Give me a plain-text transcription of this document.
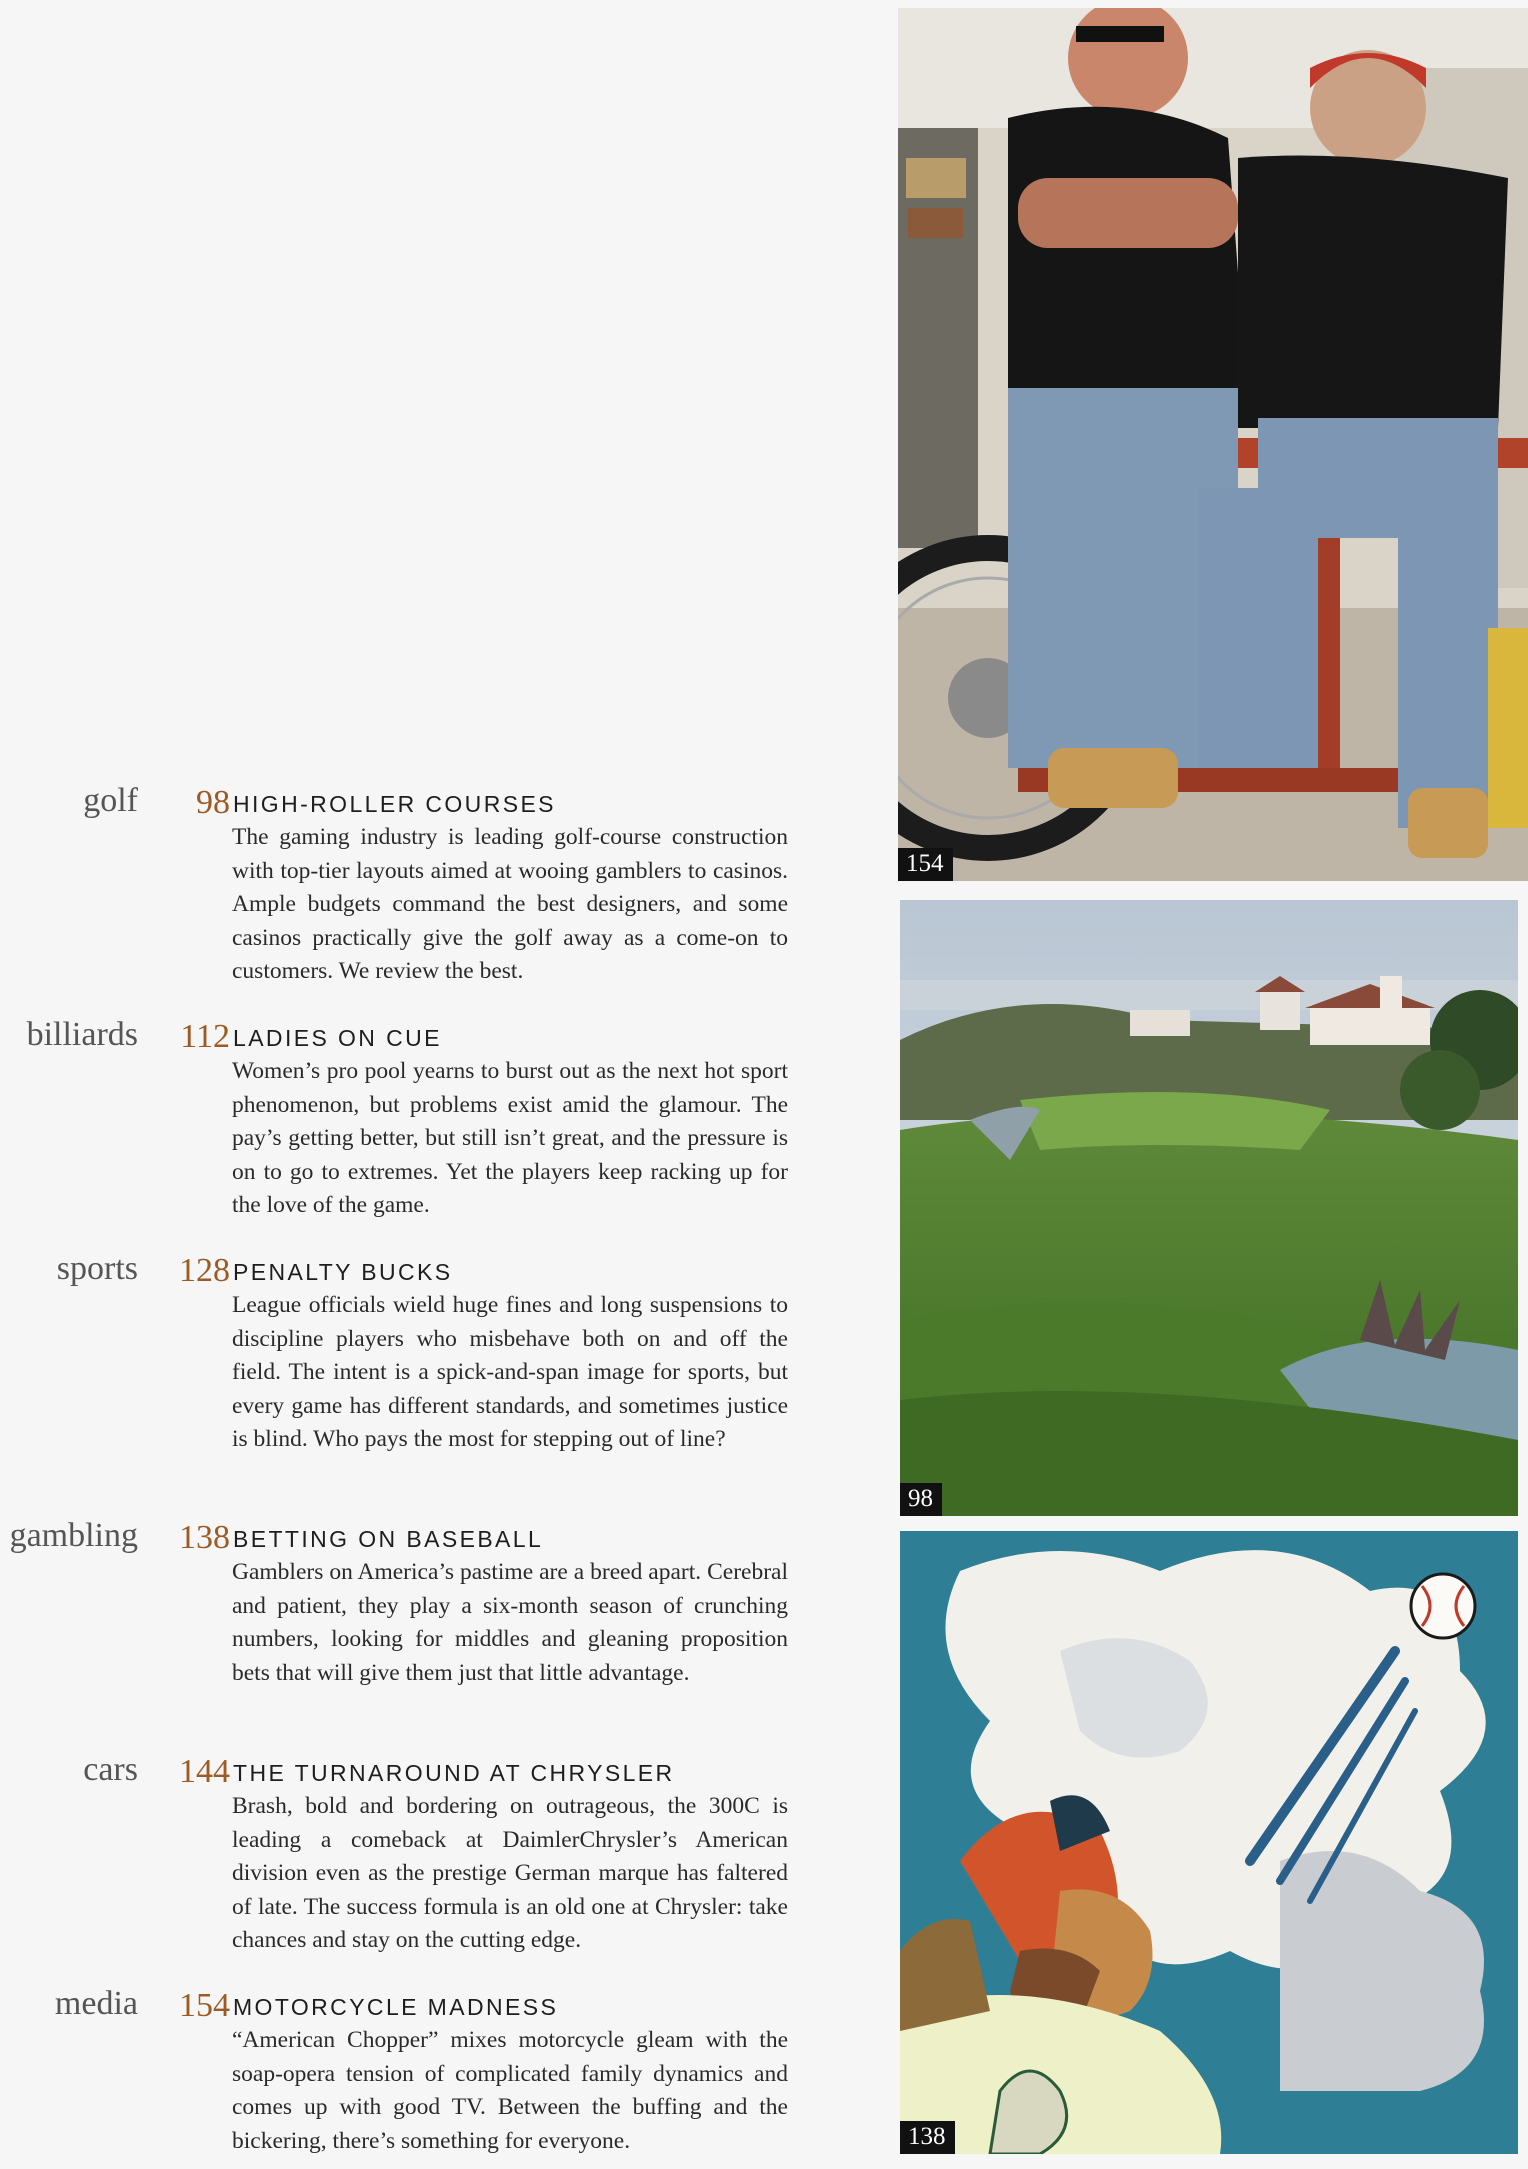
golf	98 HIGH-ROLLER COURSES
The gaming industry is leading golf-course construction with top-tier layouts aimed at wooing gamblers to casinos. Ample budgets command the best designers, and some casinos practically give the golf away as a come-on to customers. We review the best.
billiards	112 LADIES ON CUE
Women’s pro pool yearns to burst out as the next hot sport phenomenon, but problems exist amid the glamour. The pay’s getting better, but still isn’t great, and the pressure is on to go to extremes. Yet the players keep racking up for the love of the game.
sports	128 PENALTY BUCKS
League officials wield huge fines and long suspensions to discipline players who misbehave both on and off the field. The intent is a spick-and-span image for sports, but every game has different standards, and sometimes justice is blind. Who pays the most for stepping out of line?
gambling	138 BETTING ON BASEBALL
Gamblers on America’s pastime are a breed apart. Cerebral and patient, they play a six-month season of crunching numbers, looking for middles and gleaning proposition bets that will give them just that little advantage.
cars	144 THE TURNAROUND AT CHRYSLER
Brash, bold and bordering on outrageous, the 300C is leading a comeback at DaimlerChrysler’s American division even as the prestige German marque has faltered of late. The success formula is an old one at Chrysler: take chances and stay on the cutting edge.
media	154 MOTORCYCLE MADNESS
“American Chopper” mixes motorcycle gleam with the soap-opera tension of complicated family dynamics and comes up with good TV. Between the buffing and the bickering, there’s something for everyone.
154
98
138
